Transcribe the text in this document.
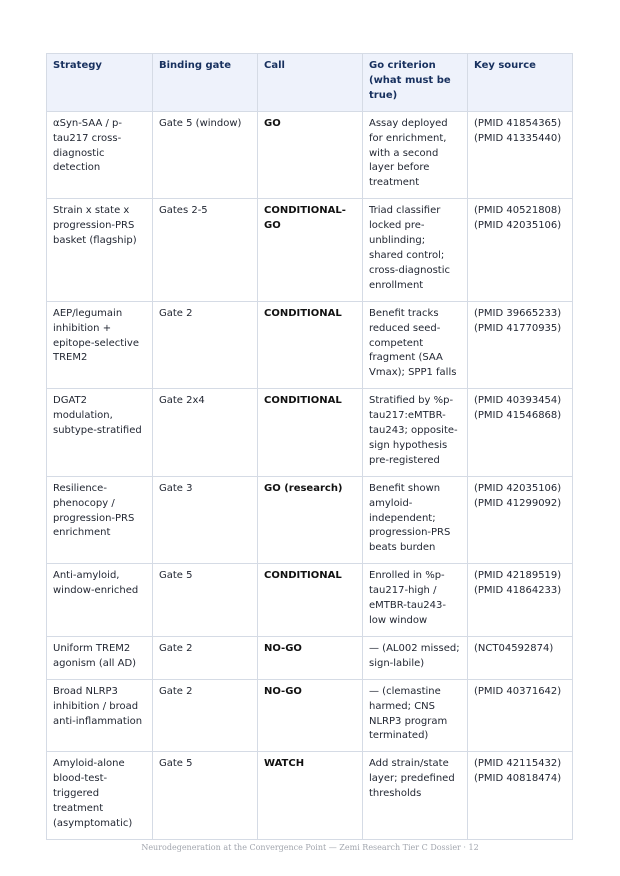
Strategy	Binding gate	Call	Go criterion (what must be true)	Key source
αSyn-SAA / p-tau217 cross-diagnostic detection	Gate 5 (window)	GO	Assay deployed for enrichment, with a second layer before treatment	(PMID 41854365) (PMID 41335440)
Strain x state x progression-PRS basket (flagship)	Gates 2-5	CONDITIONAL-GO	Triad classifier locked pre-unblinding; shared control; cross-diagnostic enrollment	(PMID 40521808) (PMID 42035106)
AEP/legumain inhibition + epitope-selective TREM2	Gate 2	CONDITIONAL	Benefit tracks reduced seed-competent fragment (SAA Vmax); SPP1 falls	(PMID 39665233) (PMID 41770935)
DGAT2 modulation, subtype-stratified	Gate 2x4	CONDITIONAL	Stratified by %p-tau217:eMTBR-tau243; opposite-sign hypothesis pre-registered	(PMID 40393454) (PMID 41546868)
Resilience-phenocopy / progression-PRS enrichment	Gate 3	GO (research)	Benefit shown amyloid-independent; progression-PRS beats burden	(PMID 42035106) (PMID 41299092)
Anti-amyloid, window-enriched	Gate 5	CONDITIONAL	Enrolled in %p-tau217-high / eMTBR-tau243-low window	(PMID 42189519) (PMID 41864233)
Uniform TREM2 agonism (all AD)	Gate 2	NO-GO	— (AL002 missed; sign-labile)	(NCT04592874)
Broad NLRP3 inhibition / broad anti-inflammation	Gate 2	NO-GO	— (clemastine harmed; CNS NLRP3 program terminated)	(PMID 40371642)
Amyloid-alone blood-test-triggered treatment (asymptomatic)	Gate 5	WATCH	Add strain/state layer; predefined thresholds	(PMID 42115432) (PMID 40818474)
Neurodegeneration at the Convergence Point — Zemi Research Tier C Dossier · 12
